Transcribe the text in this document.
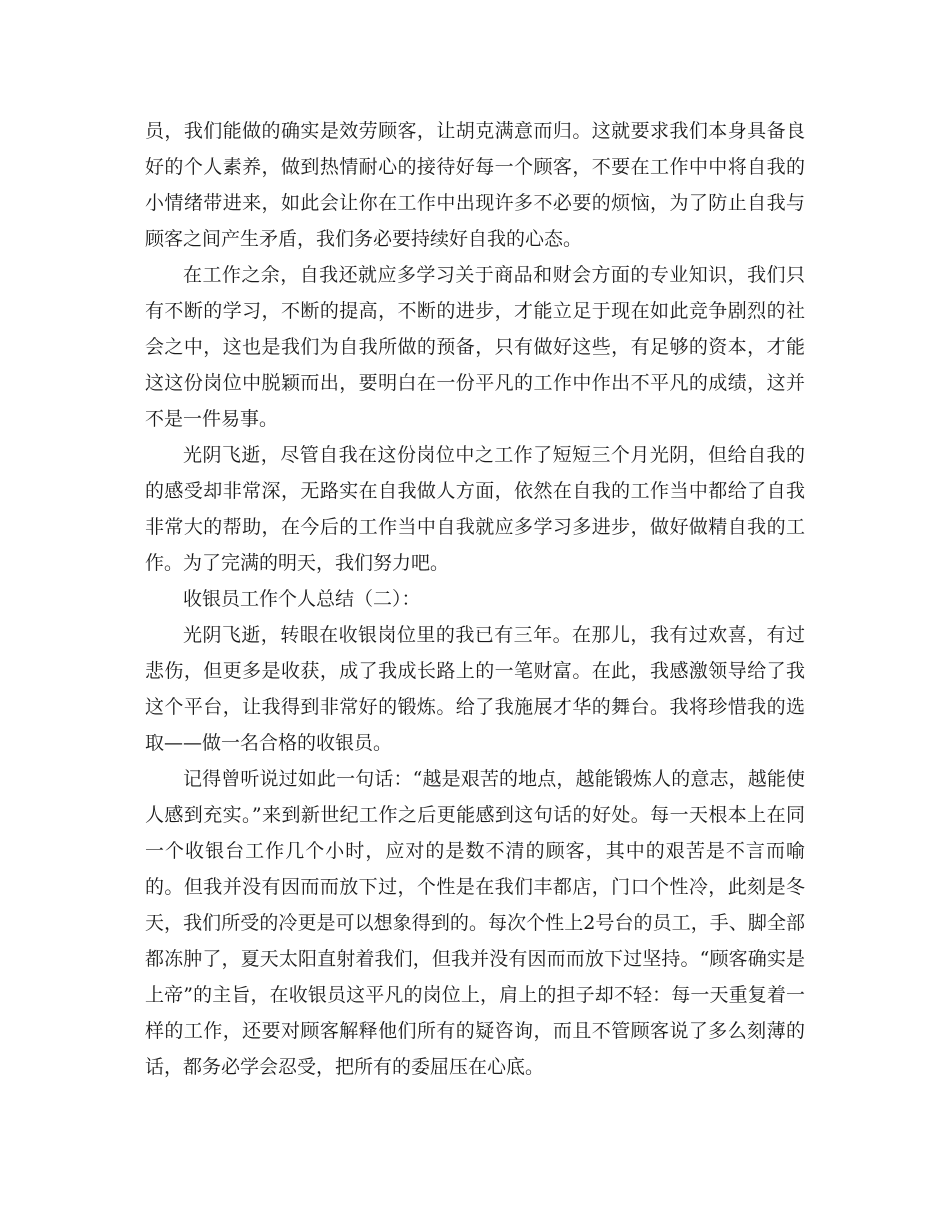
员，我们能做的确实是效劳顾客，让胡克满意而归。这就要求我们本身具备良好的个人素养，做到热情耐心的接待好每一个顾客，不要在工作中中将自我的小情绪带进来，如此会让你在工作中出现许多不必要的烦恼，为了防止自我与顾客之间产生矛盾，我们务必要持续好自我的心态。

在工作之余，自我还就应多学习关于商品和财会方面的专业知识，我们只有不断的学习，不断的提高，不断的进步，才能立足于现在如此竞争剧烈的社会之中，这也是我们为自我所做的预备，只有做好这些，有足够的资本，才能这这份岗位中脱颖而出，要明白在一份平凡的工作中作出不平凡的成绩，这并不是一件易事。

光阴飞逝，尽管自我在这份岗位中之工作了短短三个月光阴，但给自我的的感受却非常深，无路实在自我做人方面，依然在自我的工作当中都给了自我非常大的帮助，在今后的工作当中自我就应多学习多进步，做好做精自我的工作。为了完满的明天，我们努力吧。

收银员工作个人总结（二）：

光阴飞逝，转眼在收银岗位里的我已有三年。在那儿，我有过欢喜，有过悲伤，但更多是收获，成了我成长路上的一笔财富。在此，我感激领导给了我这个平台，让我得到非常好的锻炼。给了我施展才华的舞台。我将珍惜我的选取——做一名合格的收银员。

记得曾听说过如此一句话：“越是艰苦的地点，越能锻炼人的意志，越能使人感到充实。”来到新世纪工作之后更能感到这句话的好处。每一天根本上在同一个收银台工作几个小时，应对的是数不清的顾客，其中的艰苦是不言而喻的。但我并没有因而而放下过，个性是在我们丰都店，门口个性冷，此刻是冬天，我们所受的冷更是可以想象得到的。每次个性上2号台的员工，手、脚全部都冻肿了，夏天太阳直射着我们，但我并没有因而而放下过坚持。“顾客确实是上帝”的主旨，在收银员这平凡的岗位上，肩上的担子却不轻：每一天重复着一样的工作，还要对顾客解释他们所有的疑咨询，而且不管顾客说了多么刻薄的话，都务必学会忍受，把所有的委屈压在心底。
